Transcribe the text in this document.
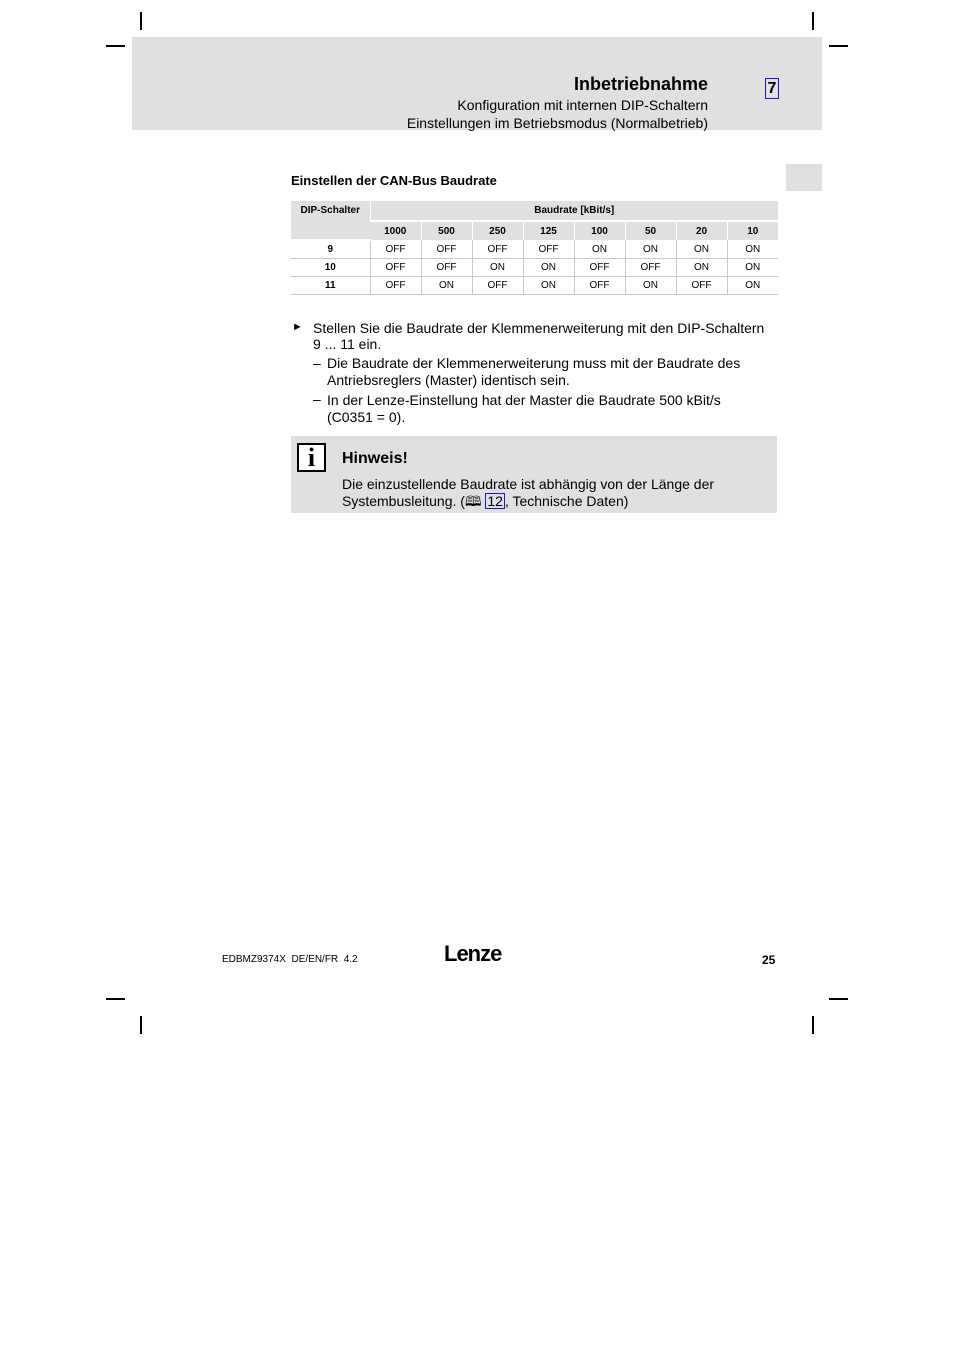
Inbetriebnahme	7
Konfiguration mit internen DIP-Schaltern
Einstellungen im Betriebsmodus (Normalbetrieb)
Einstellen der CAN-Bus Baudrate
DIP-Schalter	Baudrate [kBit/s]							
	1000	500	250	125	100	50	20	10
9	OFF	OFF	OFF	OFF	ON	ON	ON	ON
10	OFF	OFF	ON	ON	OFF	OFF	ON	ON
11	OFF	ON	OFF	ON	OFF	ON	OFF	ON
► Stellen Sie die Baudrate der Klemmenerweiterung mit den DIP-Schaltern 9 ... 11 ein.
– Die Baudrate der Klemmenerweiterung muss mit der Baudrate des Antriebsreglers (Master) identisch sein.
– In der Lenze-Einstellung hat der Master die Baudrate 500 kBit/s (C0351 = 0).
i	Hinweis!
Die einzustellende Baudrate ist abhängig von der Länge der Systembusleitung. (🕮 12 , Technische Daten)
EDBMZ9374X  DE/EN/FR  4.2	Lenze	25
